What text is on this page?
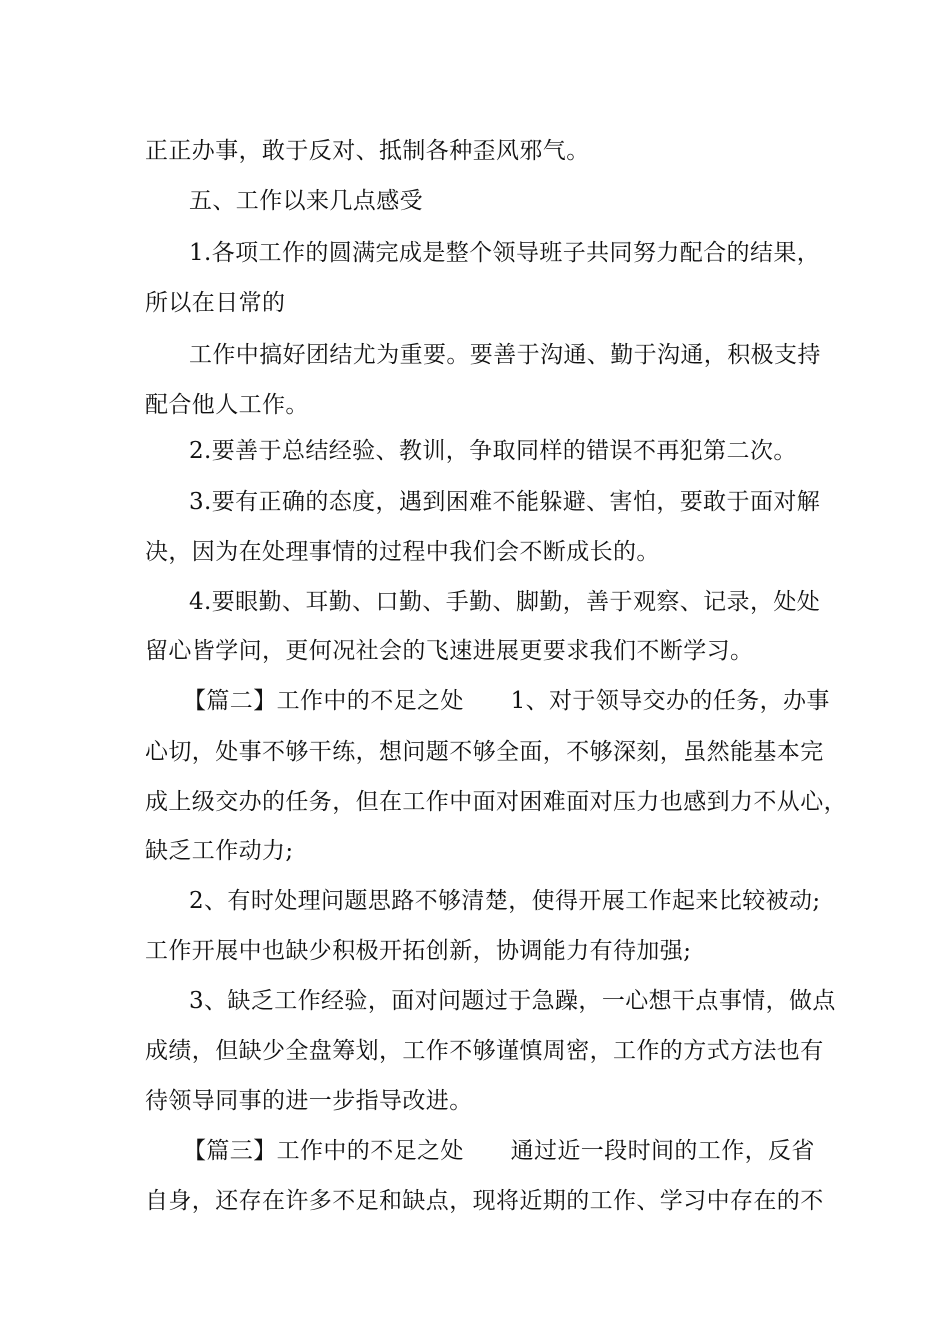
正正办事，敢于反对、抵制各种歪风邪气。
五、工作以来几点感受
1.各项工作的圆满完成是整个领导班子共同努力配合的结果，
所以在日常的
工作中搞好团结尤为重要。要善于沟通、勤于沟通，积极支持
配合他人工作。
2.要善于总结经验、教训，争取同样的错误不再犯第二次。
3.要有正确的态度，遇到困难不能躲避、害怕，要敢于面对解
决，因为在处理事情的过程中我们会不断成长的。
4.要眼勤、耳勤、口勤、手勤、脚勤，善于观察、记录，处处
留心皆学问，更何况社会的飞速进展更要求我们不断学习。
【篇二】工作中的不足之处　　1、对于领导交办的任务，办事
心切，处事不够干练，想问题不够全面，不够深刻，虽然能基本完
成上级交办的任务，但在工作中面对困难面对压力也感到力不从心，
缺乏工作动力;
2、有时处理问题思路不够清楚，使得开展工作起来比较被动;
工作开展中也缺少积极开拓创新，协调能力有待加强;
3、缺乏工作经验，面对问题过于急躁，一心想干点事情，做点
成绩，但缺少全盘筹划，工作不够谨慎周密，工作的方式方法也有
待领导同事的进一步指导改进。
【篇三】工作中的不足之处　　通过近一段时间的工作，反省
自身，还存在许多不足和缺点，现将近期的工作、学习中存在的不
